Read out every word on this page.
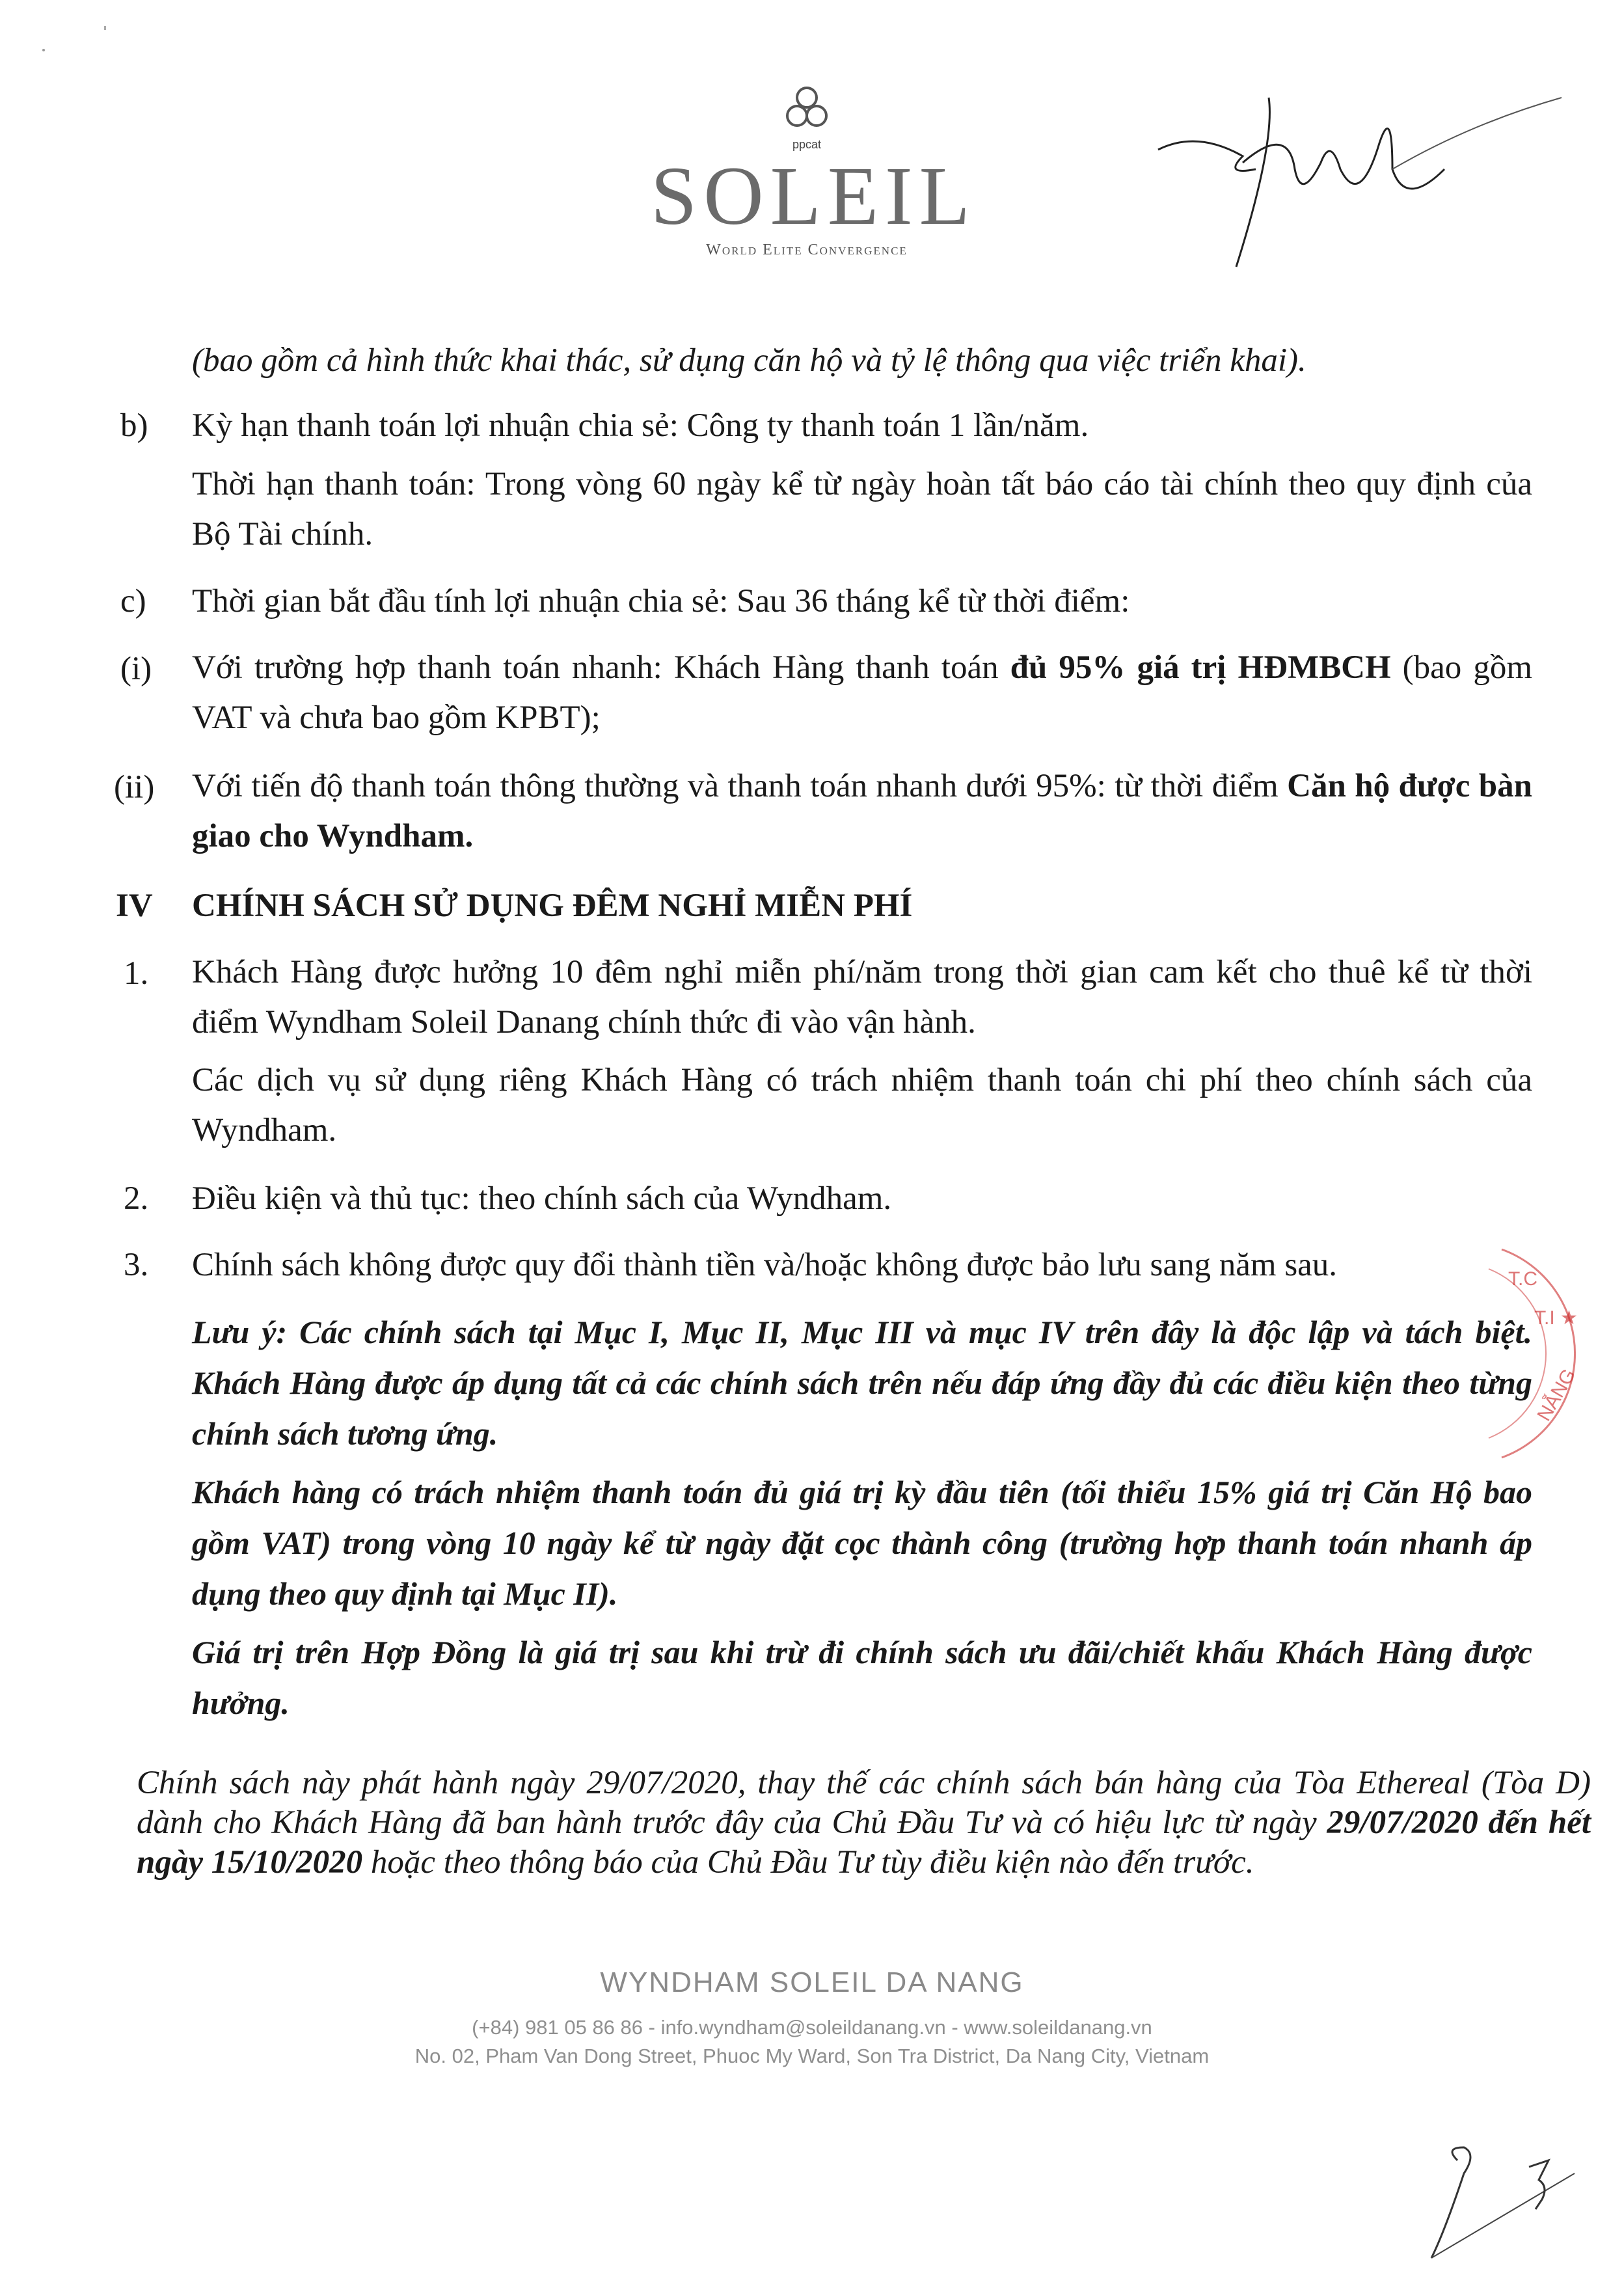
ppcat
SOLEIL
World Elite Convergence
(bao gồm cả hình thức khai thác, sử dụng căn hộ và tỷ lệ thông qua việc triển khai).
b) Kỳ hạn thanh toán lợi nhuận chia sẻ: Công ty thanh toán 1 lần/năm.
Thời hạn thanh toán: Trong vòng 60 ngày kể từ ngày hoàn tất báo cáo tài chính theo quy định của Bộ Tài chính.
c) Thời gian bắt đầu tính lợi nhuận chia sẻ: Sau 36 tháng kể từ thời điểm:
(i) Với trường hợp thanh toán nhanh: Khách Hàng thanh toán đủ 95% giá trị HĐMBCH (bao gồm VAT và chưa bao gồm KPBT);
(ii) Với tiến độ thanh toán thông thường và thanh toán nhanh dưới 95%: từ thời điểm Căn hộ được bàn giao cho Wyndham.
IV CHÍNH SÁCH SỬ DỤNG ĐÊM NGHỈ MIỄN PHÍ
1. Khách Hàng được hưởng 10 đêm nghỉ miễn phí/năm trong thời gian cam kết cho thuê kể từ thời điểm Wyndham Soleil Danang chính thức đi vào vận hành.
Các dịch vụ sử dụng riêng Khách Hàng có trách nhiệm thanh toán chi phí theo chính sách của Wyndham.
2. Điều kiện và thủ tục: theo chính sách của Wyndham.
3. Chính sách không được quy đổi thành tiền và/hoặc không được bảo lưu sang năm sau.
Lưu ý: Các chính sách tại Mục I, Mục II, Mục III và mục IV trên đây là độc lập và tách biệt. Khách Hàng được áp dụng tất cả các chính sách trên nếu đáp ứng đầy đủ các điều kiện theo từng chính sách tương ứng.
Khách hàng có trách nhiệm thanh toán đủ giá trị kỳ đầu tiên (tối thiểu 15% giá trị Căn Hộ bao gồm VAT) trong vòng 10 ngày kể từ ngày đặt cọc thành công (trường hợp thanh toán nhanh áp dụng theo quy định tại Mục II).
Giá trị trên Hợp Đồng là giá trị sau khi trừ đi chính sách ưu đãi/chiết khấu Khách Hàng được hưởng.
T.C
T.I ★
NẴNG
Chính sách này phát hành ngày 29/07/2020, thay thế các chính sách bán hàng của Tòa Ethereal (Tòa D) dành cho Khách Hàng đã ban hành trước đây của Chủ Đầu Tư và có hiệu lực từ ngày 29/07/2020 đến hết ngày 15/10/2020 hoặc theo thông báo của Chủ Đầu Tư tùy điều kiện nào đến trước.
WYNDHAM SOLEIL DA NANG
(+84) 981 05 86 86 - info.wyndham@soleildanang.vn - www.soleildanang.vn
No. 02, Pham Van Dong Street, Phuoc My Ward, Son Tra District, Da Nang City, Vietnam
